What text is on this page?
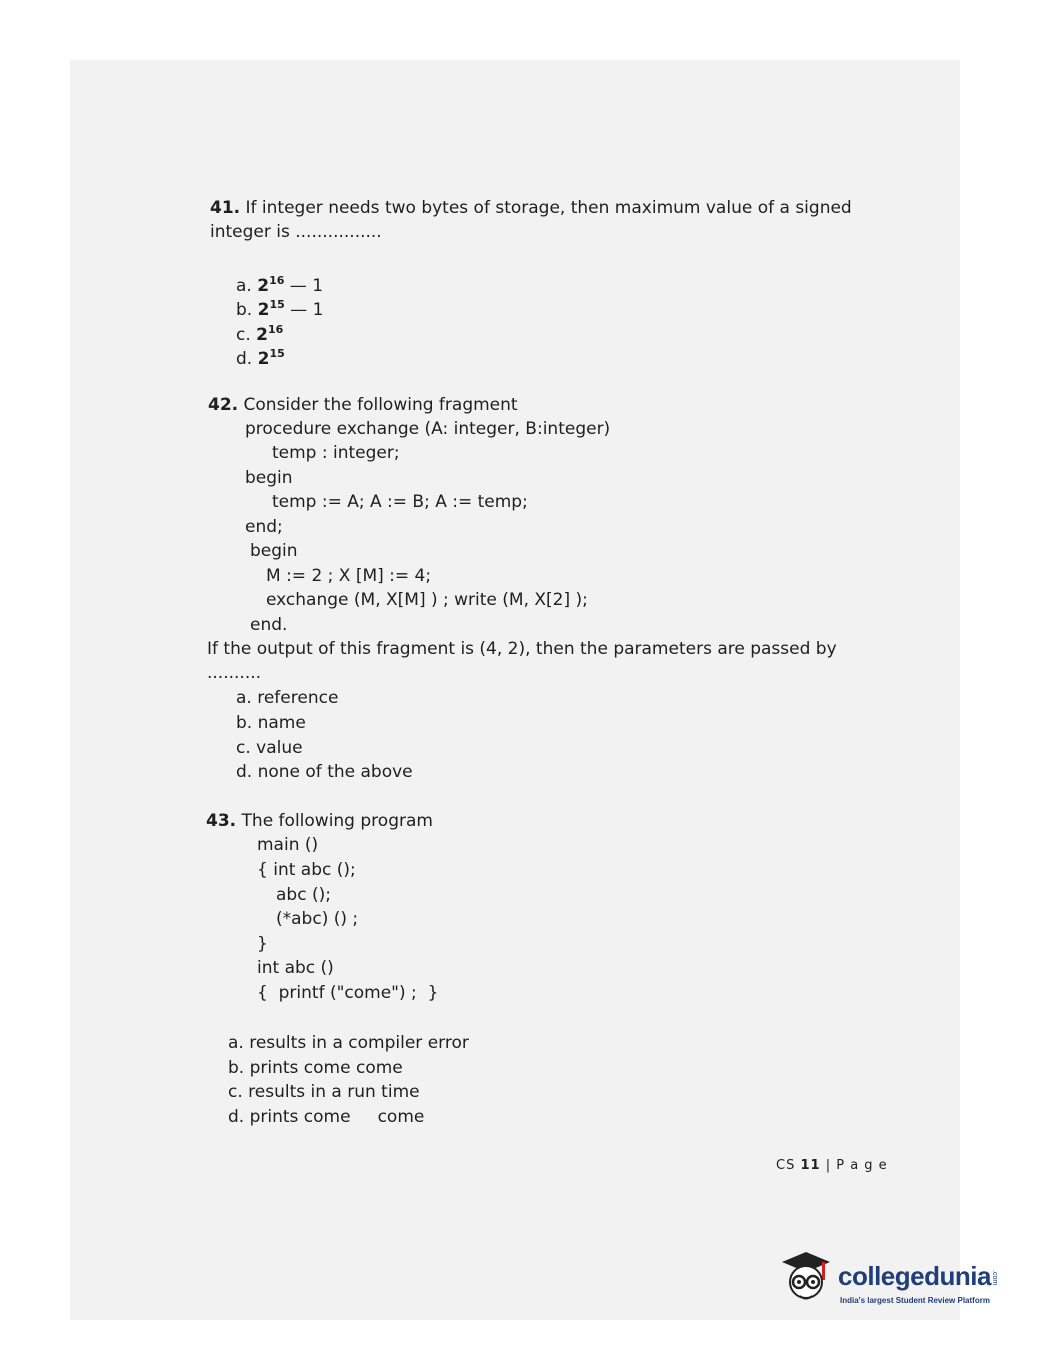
41. If integer needs two bytes of storage, then maximum value of a signed
integer is ................
a. $2^{16}$ — 1
b. $2^{15}$ — 1
c. $2^{16}$
d. $2^{15}$
42. Consider the following fragment
procedure exchange (A: integer, B:integer)
temp : integer;
begin
temp := A; A := B; A := temp;
end;
begin
M := 2 ; X [M] := 4;
exchange (M, X[M] ) ; write (M, X[2] );
end.
If the output of this fragment is (4, 2), then the parameters are passed by
..........
a. reference
b. name
c. value
d. none of the above
43. The following program
main ()
{ int abc ();
abc ();
(*abc) () ;
}
int abc ()
{  printf ("come") ;  }
a. results in a compiler error
b. prints come come
c. results in a run time
d. prints come     come
CS 11 | P a g e
collegedunia.com
India's largest Student Review Platform
